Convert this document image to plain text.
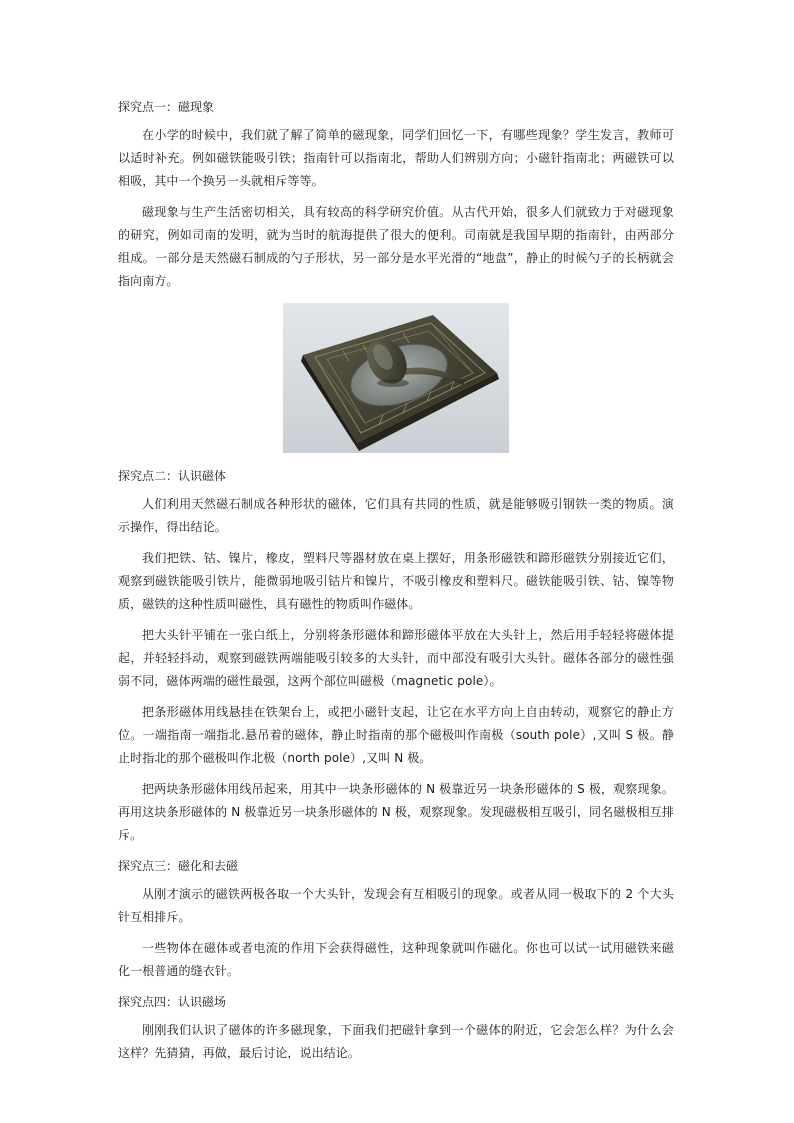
探究点一：磁现象

在小学的时候中，我们就了解了简单的磁现象，同学们回忆一下，有哪些现象？学生发言，教师可以适时补充。例如磁铁能吸引铁；指南针可以指南北，帮助人们辨别方向；小磁针指南北；两磁铁可以相吸，其中一个换另一头就相斥等等。

磁现象与生产生活密切相关，具有较高的科学研究价值。从古代开始，很多人们就致力于对磁现象的研究，例如司南的发明，就为当时的航海提供了很大的便利。司南就是我国早期的指南针，由两部分组成。一部分是天然磁石制成的勺子形状，另一部分是水平光滑的“地盘”，静止的时候勺子的长柄就会指向南方。

探究点二：认识磁体

人们利用天然磁石制成各种形状的磁体，它们具有共同的性质，就是能够吸引钢铁一类的物质。演示操作，得出结论。

我们把铁、钴、镍片，橡皮，塑料尺等器材放在桌上摆好，用条形磁铁和蹄形磁铁分别接近它们，观察到磁铁能吸引铁片，能微弱地吸引钴片和镍片，不吸引橡皮和塑料尺。磁铁能吸引铁、钴、镍等物质，磁铁的这种性质叫磁性，具有磁性的物质叫作磁体。

把大头针平铺在一张白纸上，分别将条形磁体和蹄形磁体平放在大头针上，然后用手轻轻将磁体提起，并轻轻抖动，观察到磁铁两端能吸引较多的大头针，而中部没有吸引大头针。磁体各部分的磁性强弱不同，磁体两端的磁性最强，这两个部位叫磁极（magnetic pole）。

把条形磁体用线悬挂在铁架台上，或把小磁针支起，让它在水平方向上自由转动，观察它的静止方位。一端指南一端指北.悬吊着的磁体，静止时指南的那个磁极叫作南极（south pole）,又叫 S 极。静止时指北的那个磁极叫作北极（north pole）,又叫 N 极。

把两块条形磁体用线吊起来，用其中一块条形磁体的 N 极靠近另一块条形磁体的 S 极，观察现象。再用这块条形磁体的 N 极靠近另一块条形磁体的 N 极，观察现象。发现磁极相互吸引，同名磁极相互排斥。

探究点三：磁化和去磁

从刚才演示的磁铁两极各取一个大头针，发现会有互相吸引的现象。或者从同一极取下的 2 个大头针互相排斥。

一些物体在磁体或者电流的作用下会获得磁性，这种现象就叫作磁化。你也可以试一试用磁铁来磁化一根普通的缝衣针。

探究点四：认识磁场

刚刚我们认识了磁体的许多磁现象，下面我们把磁针拿到一个磁体的附近，它会怎么样？为什么会这样？先猜猜，再做，最后讨论，说出结论。
